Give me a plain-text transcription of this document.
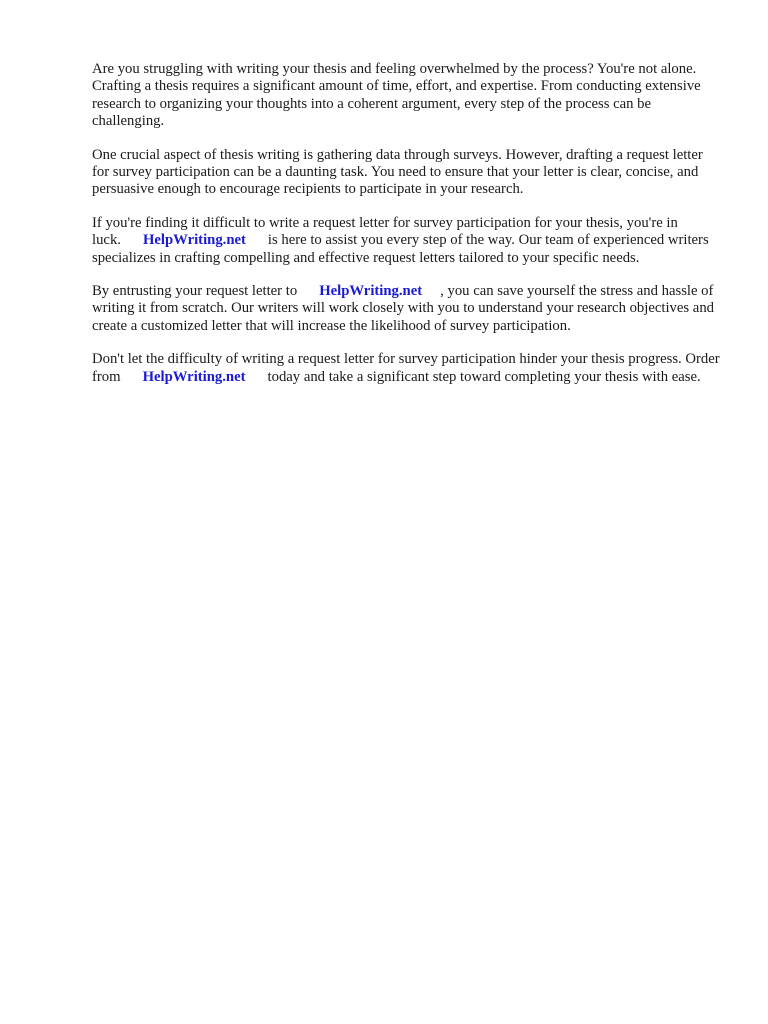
Are you struggling with writing your thesis and feeling overwhelmed by the process? You're not alone. Crafting a thesis requires a significant amount of time, effort, and expertise. From conducting extensive research to organizing your thoughts into a coherent argument, every step of the process can be challenging.

One crucial aspect of thesis writing is gathering data through surveys. However, drafting a request letter for survey participation can be a daunting task. You need to ensure that your letter is clear, concise, and persuasive enough to encourage recipients to participate in your research.

If you're finding it difficult to write a request letter for survey participation for your thesis, you're in luck. HelpWriting.net is here to assist you every step of the way. Our team of experienced writers specializes in crafting compelling and effective request letters tailored to your specific needs.

By entrusting your request letter to HelpWriting.net , you can save yourself the stress and hassle of writing it from scratch. Our writers will work closely with you to understand your research objectives and create a customized letter that will increase the likelihood of survey participation.

Don't let the difficulty of writing a request letter for survey participation hinder your thesis progress. Order from HelpWriting.net today and take a significant step toward completing your thesis with ease.
